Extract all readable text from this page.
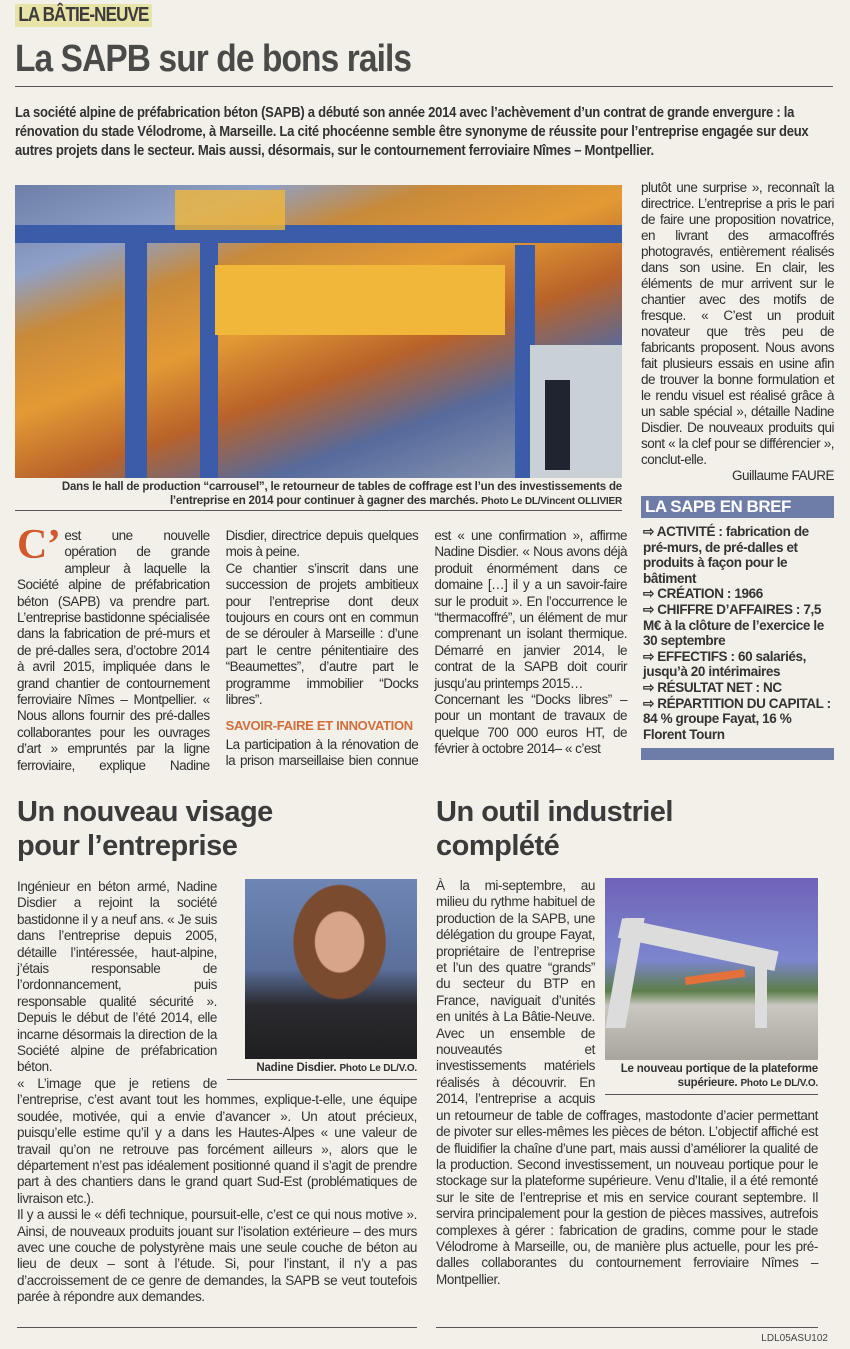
LA BÂTIE-NEUVE
La SAPB sur de bons rails

La société alpine de préfabrication béton (SAPB) a débuté son année 2014 avec l’achèvement d’un contrat de grande envergure : la rénovation du stade Vélodrome, à Marseille. La cité phocéenne semble être synonyme de réussite pour l’entreprise engagée sur deux autres projets dans le secteur. Mais aussi, désormais, sur le contournement ferroviaire Nîmes – Montpellier.

Dans le hall de production “carrousel”, le retourneur de tables de coffrage est l’un des investissements de l’entreprise en 2014 pour continuer à gagner des marchés. Photo Le DL/Vincent OLLIVIER

C’ est une nouvelle opération de grande ampleur à laquelle la Société alpine de préfabrication béton (SAPB) va prendre part. L’entreprise bastidonne spécialisée dans la fabrication de pré-murs et de pré-dalles sera, d’octobre 2014 à avril 2015, impliquée dans le grand chantier de contournement ferroviaire Nîmes – Montpellier. « Nous allons fournir des pré-dalles collaborantes pour les ouvrages d’art » empruntés par la ligne ferroviaire, explique Nadine Disdier, directrice depuis quelques mois à peine.

Ce chantier s’inscrit dans une succession de projets ambitieux pour l’entreprise dont deux toujours en cours ont en commun de se dérouler à Marseille : d’une part le centre pénitentiaire des “Beaumettes”, d’autre part le programme immobilier “Docks libres”.

SAVOIR-FAIRE ET INNOVATION

La participation à la rénovation de la prison marseillaise bien connue est « une confirmation », affirme Nadine Disdier. « Nous avons déjà produit énormément dans ce domaine […] il y a un savoir-faire sur le produit ». En l’occurrence le “thermacoffré”, un élément de mur comprenant un isolant thermique. Démarré en janvier 2014, le contrat de la SAPB doit courir jusqu’au printemps 2015…

Concernant les “Docks libres” –pour un montant de travaux de quelque 700 000 euros HT, de février à octobre 2014– « c’est

plutôt une surprise », reconnaît la directrice. L’entreprise a pris le pari de faire une proposition novatrice, en livrant des armacoffrés photogravés, entièrement réalisés dans son usine. En clair, les éléments de mur arrivent sur le chantier avec des motifs de fresque. « C’est un produit novateur que très peu de fabricants proposent. Nous avons fait plusieurs essais en usine afin de trouver la bonne formulation et le rendu visuel est réalisé grâce à un sable spécial », détaille Nadine Disdier. De nouveaux produits qui sont « la clef pour se différencier », conclut-elle.

Guillaume FAURE

LA SAPB EN BREF
⇨ ACTIVITÉ : fabrication de pré-murs, de pré-dalles et produits à façon pour le bâtiment
⇨ CRÉATION : 1966
⇨ CHIFFRE D’AFFAIRES : 7,5 M€ à la clôture de l’exercice le 30 septembre
⇨ EFFECTIFS : 60 salariés, jusqu’à 20 intérimaires
⇨ RÉSULTAT NET : NC
⇨ RÉPARTITION DU CAPITAL : 84 % groupe Fayat, 16 % Florent Tourn
Un nouveau visage pour l’entreprise
Nadine Disdier. Photo Le DL/V.O.

Ingénieur en béton armé, Nadine Disdier a rejoint la société bastidonne il y a neuf ans. « Je suis dans l’entreprise depuis 2005, détaille l’intéressée, haut-alpine, j’étais responsable de l’ordonnancement, puis responsable qualité sécurité ». Depuis le début de l’été 2014, elle incarne désormais la direction de la Société alpine de préfabrication béton.

« L’image que je retiens de l’entreprise, c’est avant tout les hommes, explique-t-elle, une équipe soudée, motivée, qui a envie d’avancer ». Un atout précieux, puisqu’elle estime qu’il y a dans les Hautes-Alpes « une valeur de travail qu’on ne retrouve pas forcément ailleurs », alors que le département n’est pas idéalement positionné quand il s’agit de prendre part à des chantiers dans le grand quart Sud-Est (problématiques de livraison etc.).

Il y a aussi le « défi technique, poursuit-elle, c’est ce qui nous motive ». Ainsi, de nouveaux produits jouant sur l’isolation extérieure – des murs avec une couche de polystyrène mais une seule couche de béton au lieu de deux – sont à l’étude. Si, pour l’instant, il n’y a pas d’accroissement de ce genre de demandes, la SAPB se veut toutefois parée à répondre aux demandes.

Un outil industriel complété
Le nouveau portique de la plateforme supérieure. Photo Le DL/V.O.
À la mi-septembre, au milieu du rythme habituel de production de la SAPB, une délégation du groupe Fayat, propriétaire de l’entreprise et l’un des quatre “grands” du secteur du BTP en France, naviguait d’unités en unités à La Bâtie-Neuve. Avec un ensemble de nouveautés et investissements matériels réalisés à découvrir. En 2014, l’entreprise a acquis un retourneur de table de coffrages, mastodonte d’acier permettant de pivoter sur elles-mêmes les pièces de béton. L’objectif affiché est de fluidifier la chaîne d’une part, mais aussi d’améliorer la qualité de la production. Second investissement, un nouveau portique pour le stockage sur la plateforme supérieure. Venu d’Italie, il a été remonté sur le site de l’entreprise et mis en service courant septembre. Il servira principalement pour la gestion de pièces massives, autrefois complexes à gérer : fabrication de gradins, comme pour le stade Vélodrome à Marseille, ou, de manière plus actuelle, pour les pré-dalles collaborantes du contournement ferroviaire Nîmes – Montpellier.
LDL05ASU102
